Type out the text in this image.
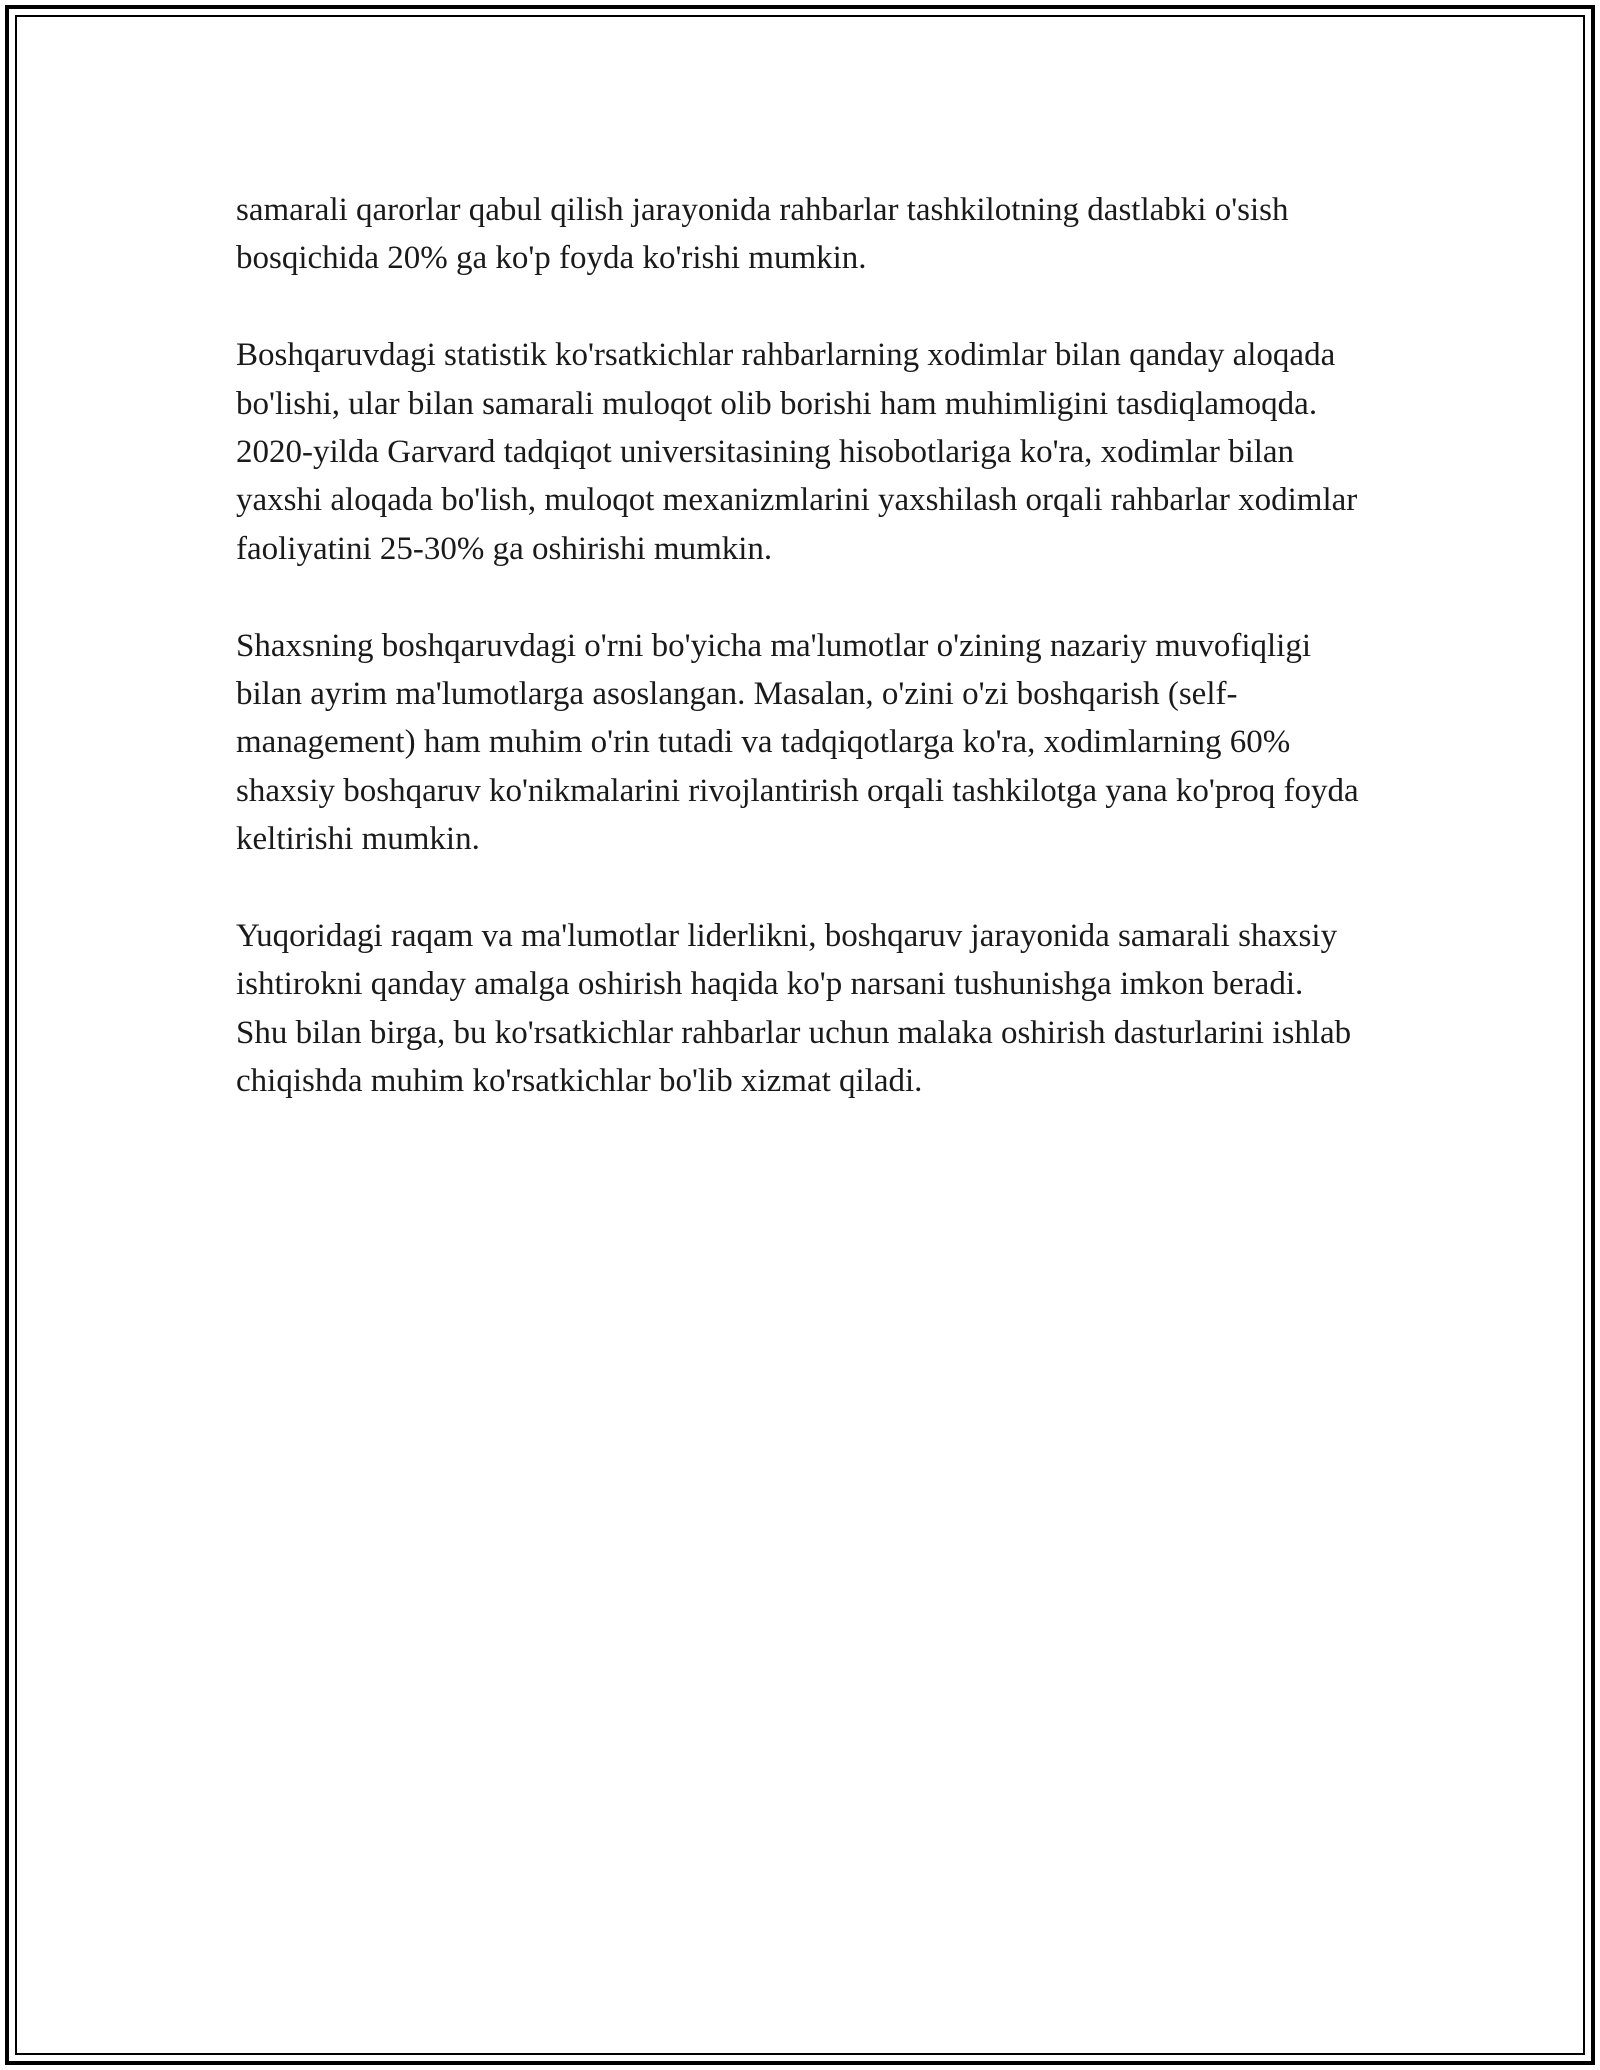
samarali qarorlar qabul qilish jarayonida rahbarlar tashkilotning dastlabki o'sish bosqichida 20% ga ko'p foyda ko'rishi mumkin.

Boshqaruvdagi statistik ko'rsatkichlar rahbarlarning xodimlar bilan qanday aloqada bo'lishi, ular bilan samarali muloqot olib borishi ham muhimligini tasdiqlamoqda. 2020-yilda Garvard tadqiqot universitasining hisobotlariga ko'ra, xodimlar bilan yaxshi aloqada bo'lish, muloqot mexanizmlarini yaxshilash orqali rahbarlar xodimlar faoliyatini 25-30% ga oshirishi mumkin.

Shaxsning boshqaruvdagi o'rni bo'yicha ma'lumotlar o'zining nazariy muvofiqligi bilan ayrim ma'lumotlarga asoslangan. Masalan, o'zini o'zi boshqarish (self-management) ham muhim o'rin tutadi va tadqiqotlarga ko'ra, xodimlarning 60% shaxsiy boshqaruv ko'nikmalarini rivojlantirish orqali tashkilotga yana ko'proq foyda keltirishi mumkin.

Yuqoridagi raqam va ma'lumotlar liderlikni, boshqaruv jarayonida samarali shaxsiy ishtirokni qanday amalga oshirish haqida ko'p narsani tushunishga imkon beradi. Shu bilan birga, bu ko'rsatkichlar rahbarlar uchun malaka oshirish dasturlarini ishlab chiqishda muhim ko'rsatkichlar bo'lib xizmat qiladi.
